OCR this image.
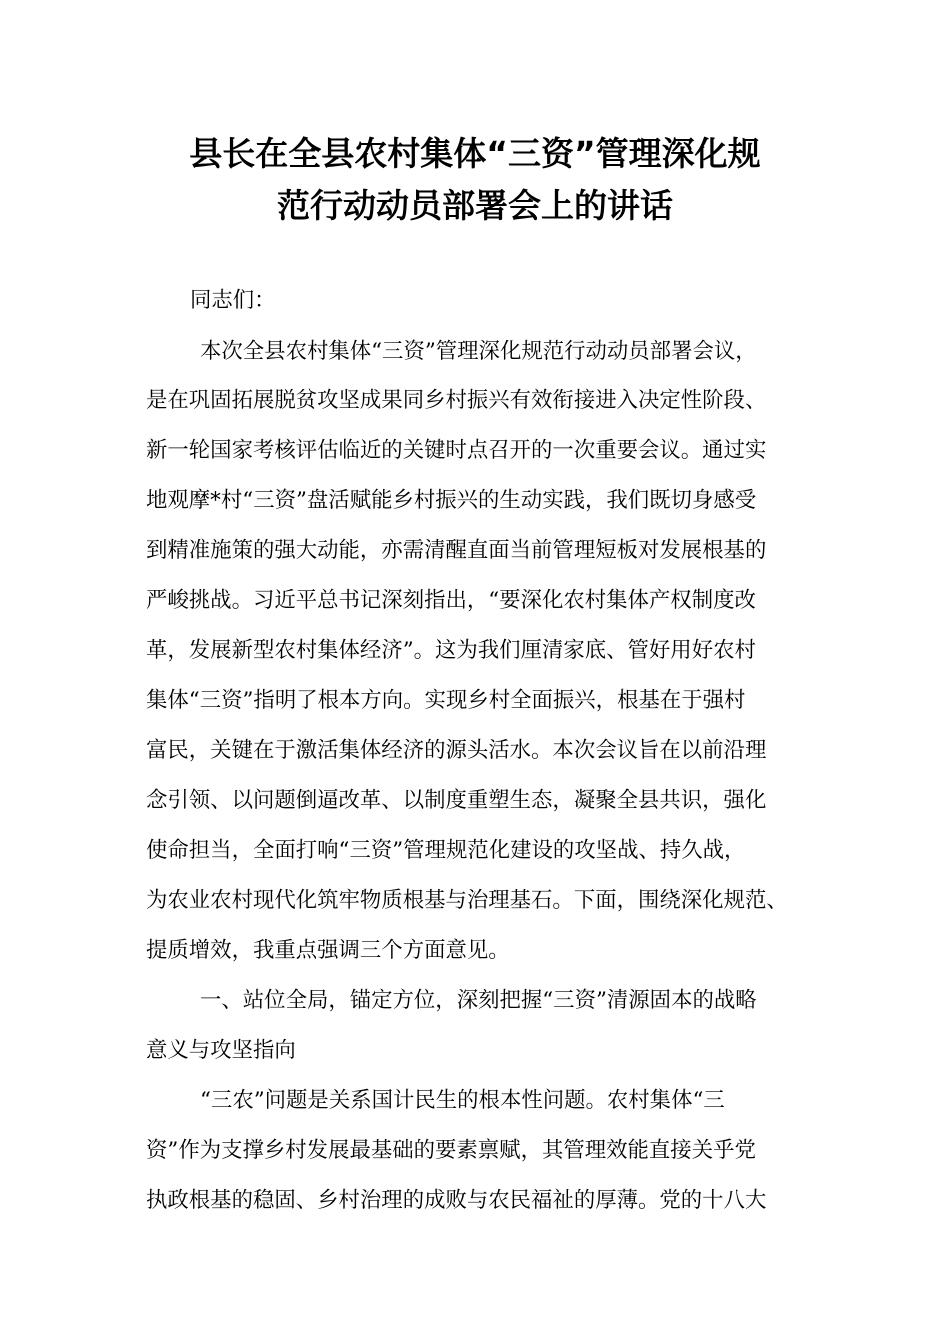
县长在全县农村集体“三资”管理深化规
范行动动员部署会上的讲话

同志们：

本次全县农村集体“三资”管理深化规范行动动员部署会议，

是在巩固拓展脱贫攻坚成果同乡村振兴有效衔接进入决定性阶段、

新一轮国家考核评估临近的关键时点召开的一次重要会议。通过实

地观摩*村“三资”盘活赋能乡村振兴的生动实践，我们既切身感受

到精准施策的强大动能，亦需清醒直面当前管理短板对发展根基的

严峻挑战。习近平总书记深刻指出，“要深化农村集体产权制度改

革，发展新型农村集体经济”。这为我们厘清家底、管好用好农村

集体“三资”指明了根本方向。实现乡村全面振兴，根基在于强村

富民，关键在于激活集体经济的源头活水。本次会议旨在以前沿理

念引领、以问题倒逼改革、以制度重塑生态，凝聚全县共识，强化

使命担当，全面打响“三资”管理规范化建设的攻坚战、持久战，

为农业农村现代化筑牢物质根基与治理基石。下面，围绕深化规范、

提质增效，我重点强调三个方面意见。

一、站位全局，锚定方位，深刻把握“三资”清源固本的战略

意义与攻坚指向

“三农”问题是关系国计民生的根本性问题。农村集体“三

资”作为支撑乡村发展最基础的要素禀赋，其管理效能直接关乎党

执政根基的稳固、乡村治理的成败与农民福祉的厚薄。党的十八大
